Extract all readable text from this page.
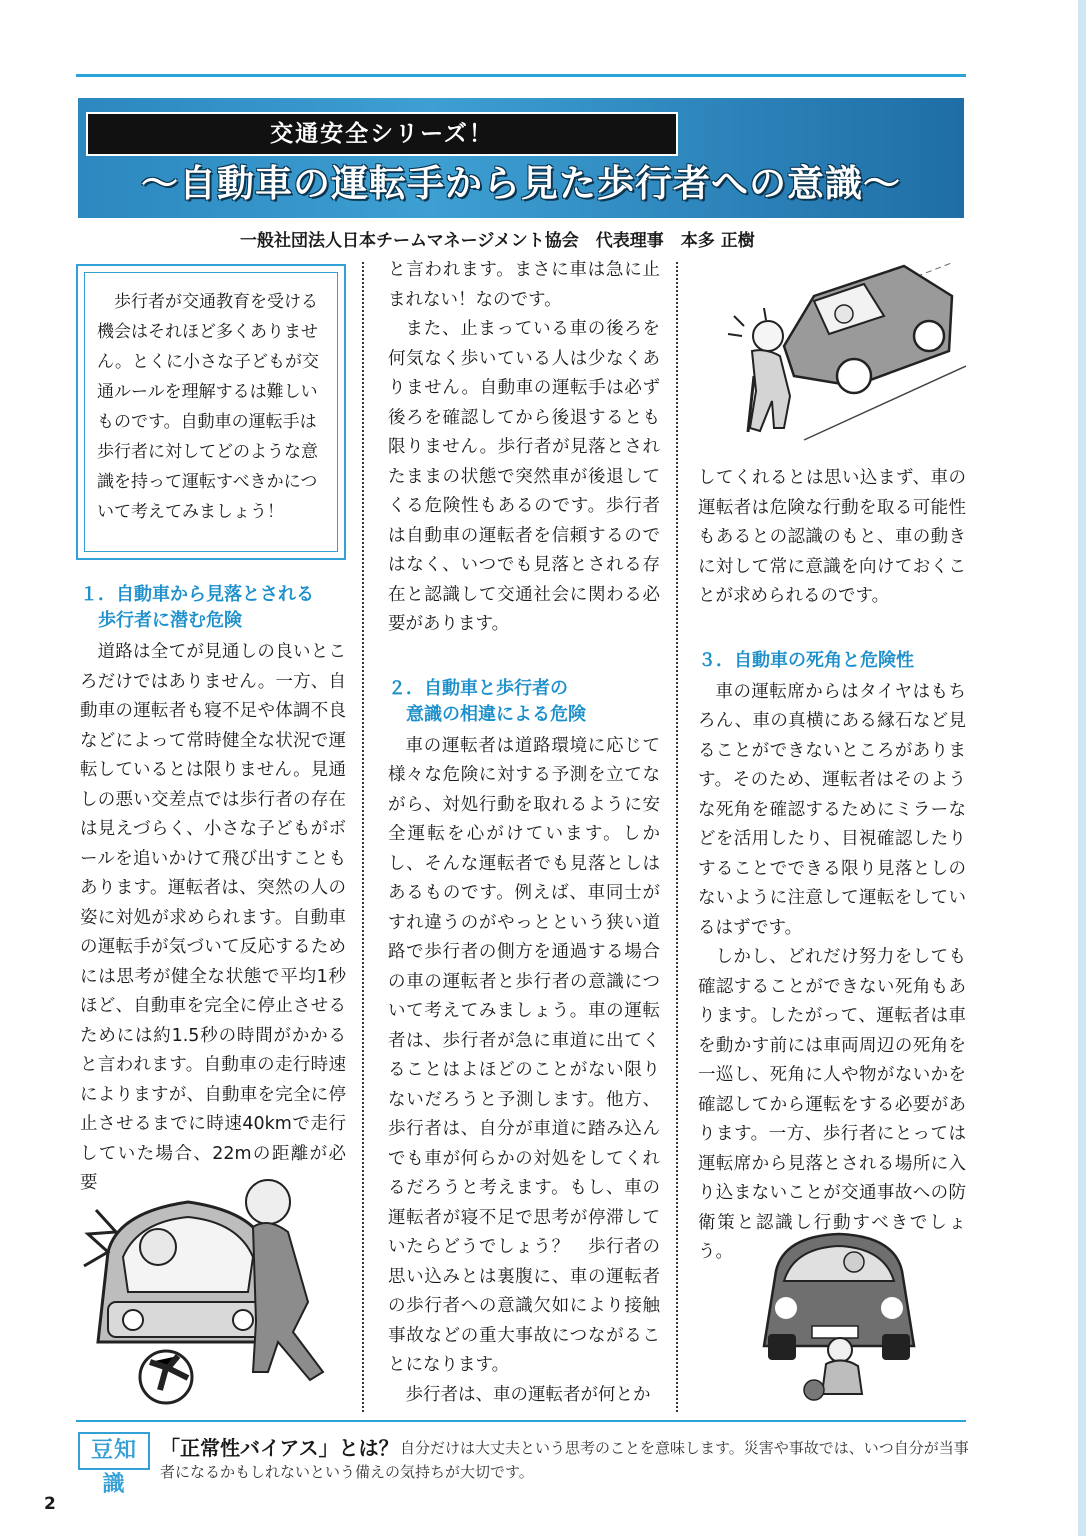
交通安全シリーズ！
～自動車の運転手から見た歩行者への意識～
一般社団法人日本チームマネージメント協会　代表理事　本多 正樹
歩行者が交通教育を受ける機会はそれほど多くありません。とくに小さな子どもが交通ルールを理解するは難しいものです。自動車の運転手は歩行者に対してどのような意識を持って運転すべきかについて考えてみましょう！
１．自動車から見落とされる
歩行者に潜む危険

道路は全てが見通しの良いところだけではありません。一方、自動車の運転者も寝不足や体調不良などによって常時健全な状況で運転しているとは限りません。見通しの悪い交差点では歩行者の存在は見えづらく、小さな子どもがボールを追いかけて飛び出すこともあります。運転者は、突然の人の姿に対処が求められます。自動車の運転手が気づいて反応するためには思考が健全な状態で平均1秒ほど、自動車を完全に停止させるためには約1.5秒の時間がかかると言われます。自動車の走行時速によりますが、自動車を完全に停止させるまでに時速40kmで走行していた場合、22mの距離が必要

と言われます。まさに車は急に止まれない！なのです。

また、止まっている車の後ろを何気なく歩いている人は少なくありません。自動車の運転手は必ず後ろを確認してから後退するとも限りません。歩行者が見落とされたままの状態で突然車が後退してくる危険性もあるのです。歩行者は自動車の運転者を信頼するのではなく、いつでも見落とされる存在と認識して交通社会に関わる必要があります。

２．自動車と歩行者の
意識の相違による危険

車の運転者は道路環境に応じて様々な危険に対する予測を立てながら、対処行動を取れるように安全運転を心がけています。しかし、そんな運転者でも見落としはあるものです。例えば、車同士がすれ違うのがやっとという狭い道路で歩行者の側方を通過する場合の車の運転者と歩行者の意識について考えてみましょう。車の運転者は、歩行者が急に車道に出てくることはよほどのことがない限りないだろうと予測します。他方、歩行者は、自分が車道に踏み込んでも車が何らかの対処をしてくれるだろうと考えます。もし、車の運転者が寝不足で思考が停滞していたらどうでしょう？　歩行者の思い込みとは裏腹に、車の運転者の歩行者への意識欠如により接触事故などの重大事故につながることになります。

歩行者は、車の運転者が何とか

してくれるとは思い込まず、車の運転者は危険な行動を取る可能性もあるとの認識のもと、車の動きに対して常に意識を向けておくことが求められるのです。

３．自動車の死角と危険性

車の運転席からはタイヤはもちろん、車の真横にある縁石など見ることができないところがあります。そのため、運転者はそのような死角を確認するためにミラーなどを活用したり、目視確認したりすることでできる限り見落としのないように注意して運転をしているはずです。

しかし、どれだけ努力をしても確認することができない死角もあります。したがって、運転者は車を動かす前には車両周辺の死角を一巡し、死角に人や物がないかを確認してから運転をする必要があります。一方、歩行者にとっては運転席から見落とされる場所に入り込まないことが交通事故への防衛策と認識し行動すべきでしょう。

豆知識
自分だけは大丈夫という思考のことを意味します。災害や事故では、いつ自分が当事者になるかもしれないという備えの気持ちが大切です。
「正常性バイアス」とは？
2
